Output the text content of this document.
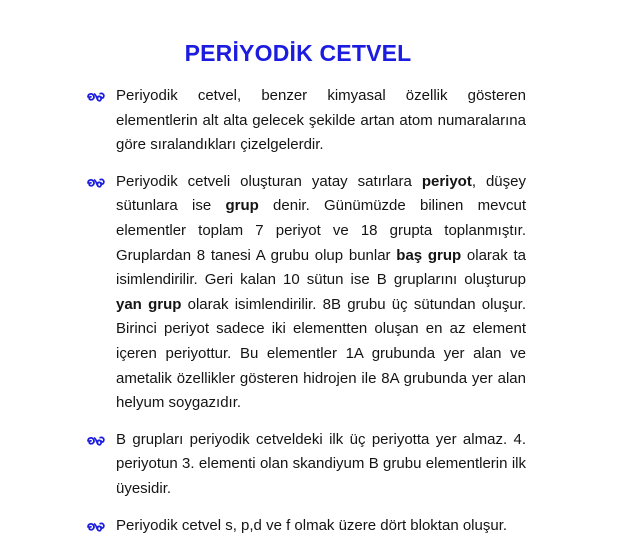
PERİYODİK CETVEL
Periyodik cetvel, benzer kimyasal özellik gösteren elementlerin alt alta gelecek şekilde artan atom numaralarına göre sıralandıkları çizelgelerdir.
Periyodik cetveli oluşturan yatay satırlara periyot, düşey sütunlara ise grup denir. Günümüzde bilinen mevcut elementler toplam 7 periyot ve 18 grupta toplanmıştır. Gruplardan 8 tanesi A grubu olup bunlar baş grup olarak ta isimlendirilir. Geri kalan 10 sütun ise B gruplarını oluşturup yan grup olarak isimlendirilir. 8B grubu üç sütundan oluşur. Birinci periyot sadece iki elementten oluşan en az element içeren periyottur. Bu elementler 1A grubunda yer alan ve ametalik özellikler gösteren hidrojen ile 8A grubunda yer alan helyum soygazıdır.
B grupları periyodik cetveldeki ilk üç periyotta yer almaz. 4. periyotun 3. elementi olan skandiyum B grubu elementlerin ilk üyesidir.
Periyodik cetvel s, p,d ve f olmak üzere dört bloktan oluşur.
